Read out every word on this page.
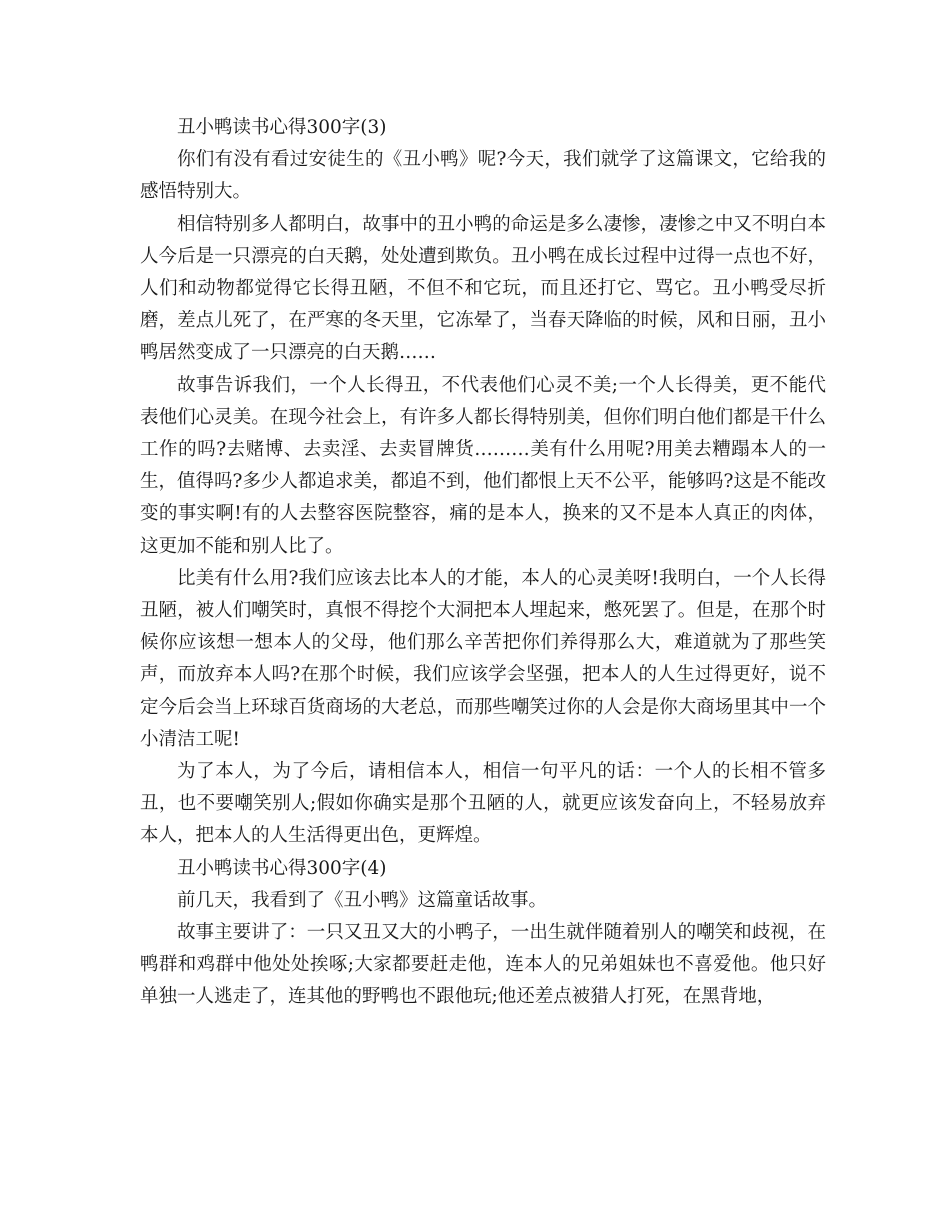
丑小鸭读书心得300字(3)

你们有没有看过安徒生的《丑小鸭》呢?今天，我们就学了这篇课文，它给我的感悟特别大。

相信特别多人都明白，故事中的丑小鸭的命运是多么凄惨，凄惨之中又不明白本人今后是一只漂亮的白天鹅，处处遭到欺负。丑小鸭在成长过程中过得一点也不好，人们和动物都觉得它长得丑陋，不但不和它玩，而且还打它、骂它。丑小鸭受尽折磨，差点儿死了，在严寒的冬天里，它冻晕了，当春天降临的时候，风和日丽，丑小鸭居然变成了一只漂亮的白天鹅……

故事告诉我们，一个人长得丑，不代表他们心灵不美;一个人长得美，更不能代表他们心灵美。在现今社会上，有许多人都长得特别美，但你们明白他们都是干什么工作的吗?去赌博、去卖淫、去卖冒牌货………美有什么用呢?用美去糟蹋本人的一生，值得吗?多少人都追求美，都追不到，他们都恨上天不公平，能够吗?这是不能改变的事实啊!有的人去整容医院整容，痛的是本人，换来的又不是本人真正的肉体，这更加不能和别人比了。

比美有什么用?我们应该去比本人的才能，本人的心灵美呀!我明白，一个人长得丑陋，被人们嘲笑时，真恨不得挖个大洞把本人埋起来，憋死罢了。但是，在那个时候你应该想一想本人的父母，他们那么辛苦把你们养得那么大，难道就为了那些笑声，而放弃本人吗?在那个时候，我们应该学会坚强，把本人的人生过得更好，说不定今后会当上环球百货商场的大老总，而那些嘲笑过你的人会是你大商场里其中一个小清洁工呢!

为了本人，为了今后，请相信本人，相信一句平凡的话：一个人的长相不管多丑，也不要嘲笑别人;假如你确实是那个丑陋的人，就更应该发奋向上，不轻易放弃本人，把本人的人生活得更出色，更辉煌。

丑小鸭读书心得300字(4)

前几天，我看到了《丑小鸭》这篇童话故事。

故事主要讲了：一只又丑又大的小鸭子，一出生就伴随着别人的嘲笑和歧视，在鸭群和鸡群中他处处挨啄;大家都要赶走他，连本人的兄弟姐妹也不喜爱他。他只好单独一人逃走了，连其他的野鸭也不跟他玩;他还差点被猎人打死，在黑背地，
